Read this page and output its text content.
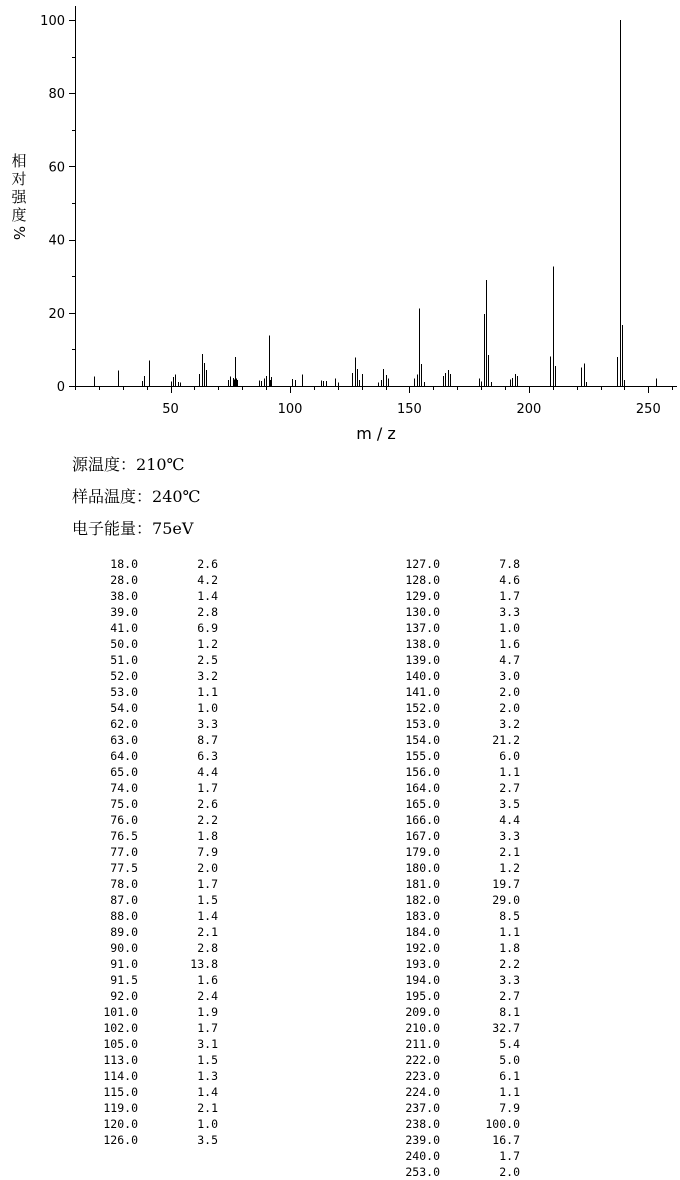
0
20
40
60
80
100
50	100	150	200	250
m / z
相
对
强
度
%
源温度：210℃
样品温度：240℃
电子能量：75eV
18.0	2.6
28.0	4.2
38.0	1.4
39.0	2.8
41.0	6.9
50.0	1.2
51.0	2.5
52.0	3.2
53.0	1.1
54.0	1.0
62.0	3.3
63.0	8.7
64.0	6.3
65.0	4.4
74.0	1.7
75.0	2.6
76.0	2.2
76.5	1.8
77.0	7.9
77.5	2.0
78.0	1.7
87.0	1.5
88.0	1.4
89.0	2.1
90.0	2.8
91.0	13.8
91.5	1.6
92.0	2.4
101.0	1.9
102.0	1.7
105.0	3.1
113.0	1.5
114.0	1.3
115.0	1.4
119.0	2.1
120.0	1.0
126.0	3.5
127.0	7.8
128.0	4.6
129.0	1.7
130.0	3.3
137.0	1.0
138.0	1.6
139.0	4.7
140.0	3.0
141.0	2.0
152.0	2.0
153.0	3.2
154.0	21.2
155.0	6.0
156.0	1.1
164.0	2.7
165.0	3.5
166.0	4.4
167.0	3.3
179.0	2.1
180.0	1.2
181.0	19.7
182.0	29.0
183.0	8.5
184.0	1.1
192.0	1.8
193.0	2.2
194.0	3.3
195.0	2.7
209.0	8.1
210.0	32.7
211.0	5.4
222.0	5.0
223.0	6.1
224.0	1.1
237.0	7.9
238.0	100.0
239.0	16.7
240.0	1.7
253.0	2.0
